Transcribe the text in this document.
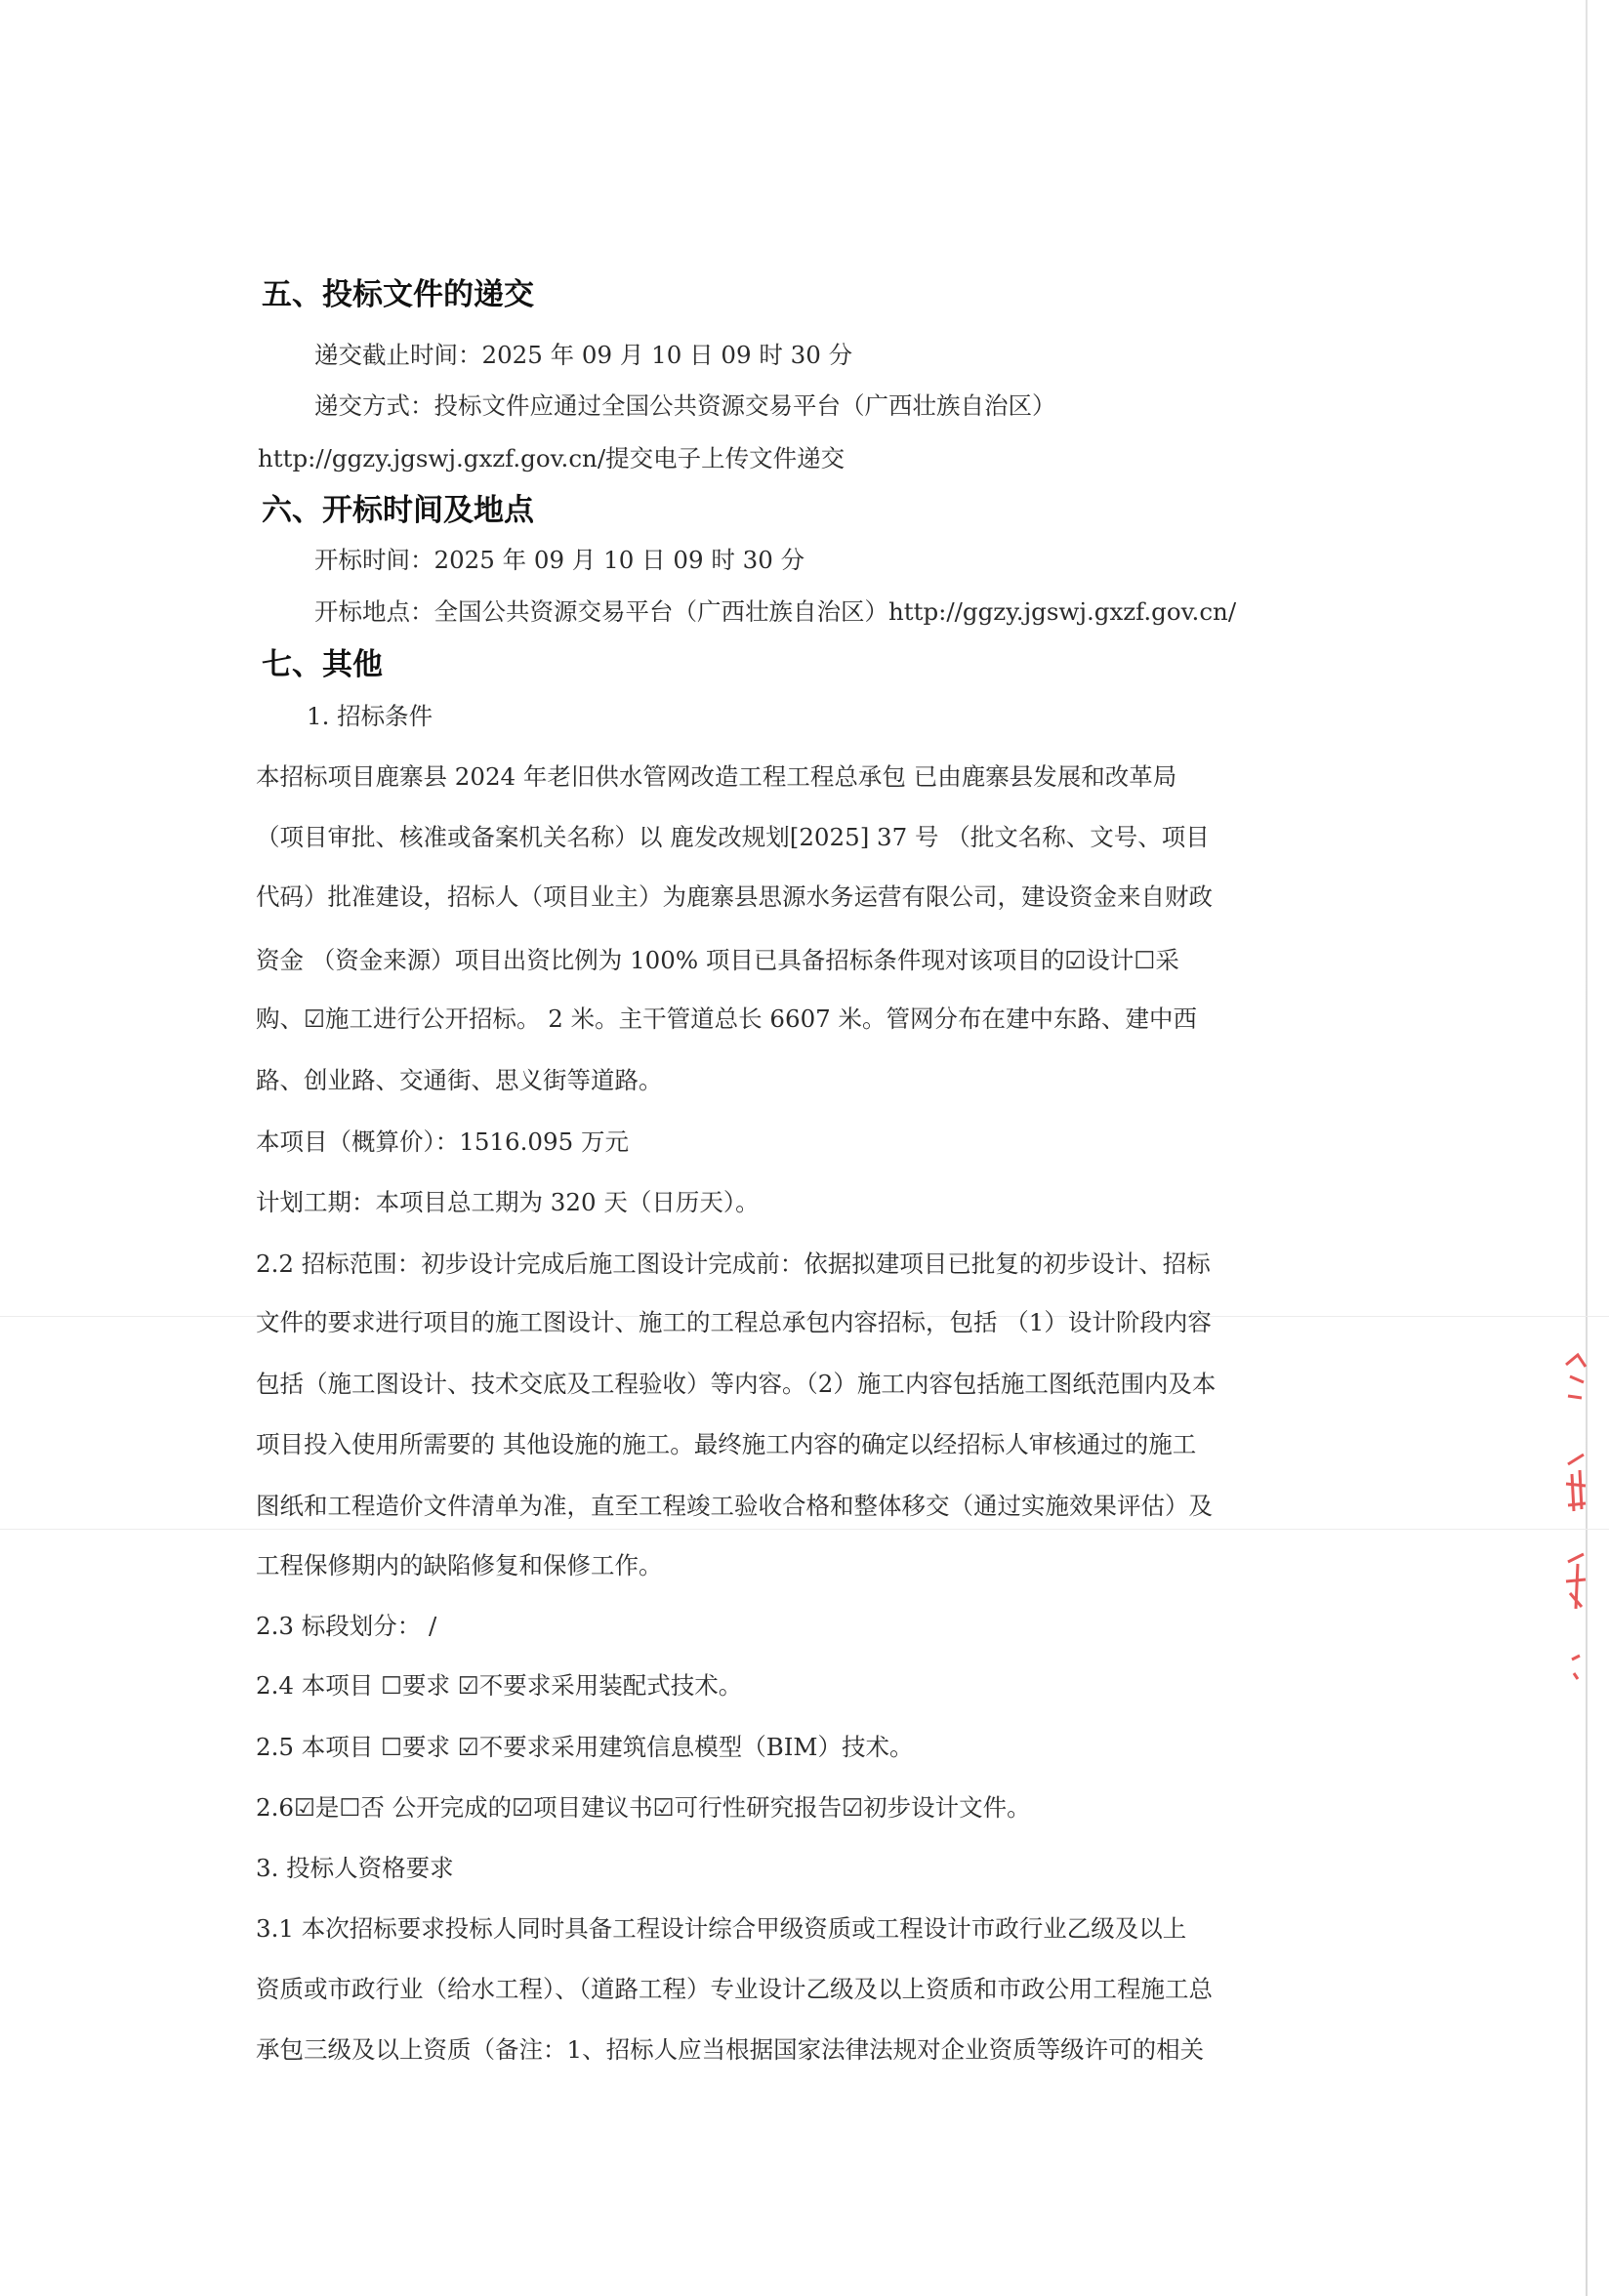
五、投标文件的递交
递交截止时间：2025 年 09 月 10 日 09 时 30 分
递交方式：投标文件应通过全国公共资源交易平台（广西壮族自治区）
http://ggzy.jgswj.gxzf.gov.cn/提交电子上传文件递交
六、开标时间及地点
开标时间：2025 年 09 月 10 日 09 时 30 分
开标地点：全国公共资源交易平台（广西壮族自治区）http://ggzy.jgswj.gxzf.gov.cn/
七、其他
1. 招标条件
本招标项目鹿寨县 2024 年老旧供水管网改造工程工程总承包 已由鹿寨县发展和改革局
（项目审批、核准或备案机关名称）以 鹿发改规划[2025] 37 号 （批文名称、文号、项目
代码）批准建设，招标人（项目业主）为鹿寨县思源水务运营有限公司，建设资金来自财政
资金 （资金来源）项目出资比例为 100% 项目已具备招标条件现对该项目的☑设计☐采
购、☑施工进行公开招标。 2 米。主干管道总长 6607 米。管网分布在建中东路、建中西
路、创业路、交通街、思义街等道路。
本项目（概算价）：1516.095 万元
计划工期：本项目总工期为 320 天（日历天）。
2.2 招标范围：初步设计完成后施工图设计完成前：依据拟建项目已批复的初步设计、招标
文件的要求进行项目的施工图设计、施工的工程总承包内容招标，包括 （1）设计阶段内容
包括（施工图设计、技术交底及工程验收）等内容。（2）施工内容包括施工图纸范围内及本
项目投入使用所需要的 其他设施的施工。最终施工内容的确定以经招标人审核通过的施工
图纸和工程造价文件清单为准，直至工程竣工验收合格和整体移交（通过实施效果评估）及
工程保修期内的缺陷修复和保修工作。
2.3 标段划分： /
2.4 本项目 ☐要求 ☑不要求采用装配式技术。
2.5 本项目 ☐要求 ☑不要求采用建筑信息模型（BIM）技术。
2.6☑是☐否 公开完成的☑项目建议书☑可行性研究报告☑初步设计文件。
3. 投标人资格要求
3.1 本次招标要求投标人同时具备工程设计综合甲级资质或工程设计市政行业乙级及以上
资质或市政行业（给水工程）、（道路工程）专业设计乙级及以上资质和市政公用工程施工总
承包三级及以上资质（备注：1、招标人应当根据国家法律法规对企业资质等级许可的相关
